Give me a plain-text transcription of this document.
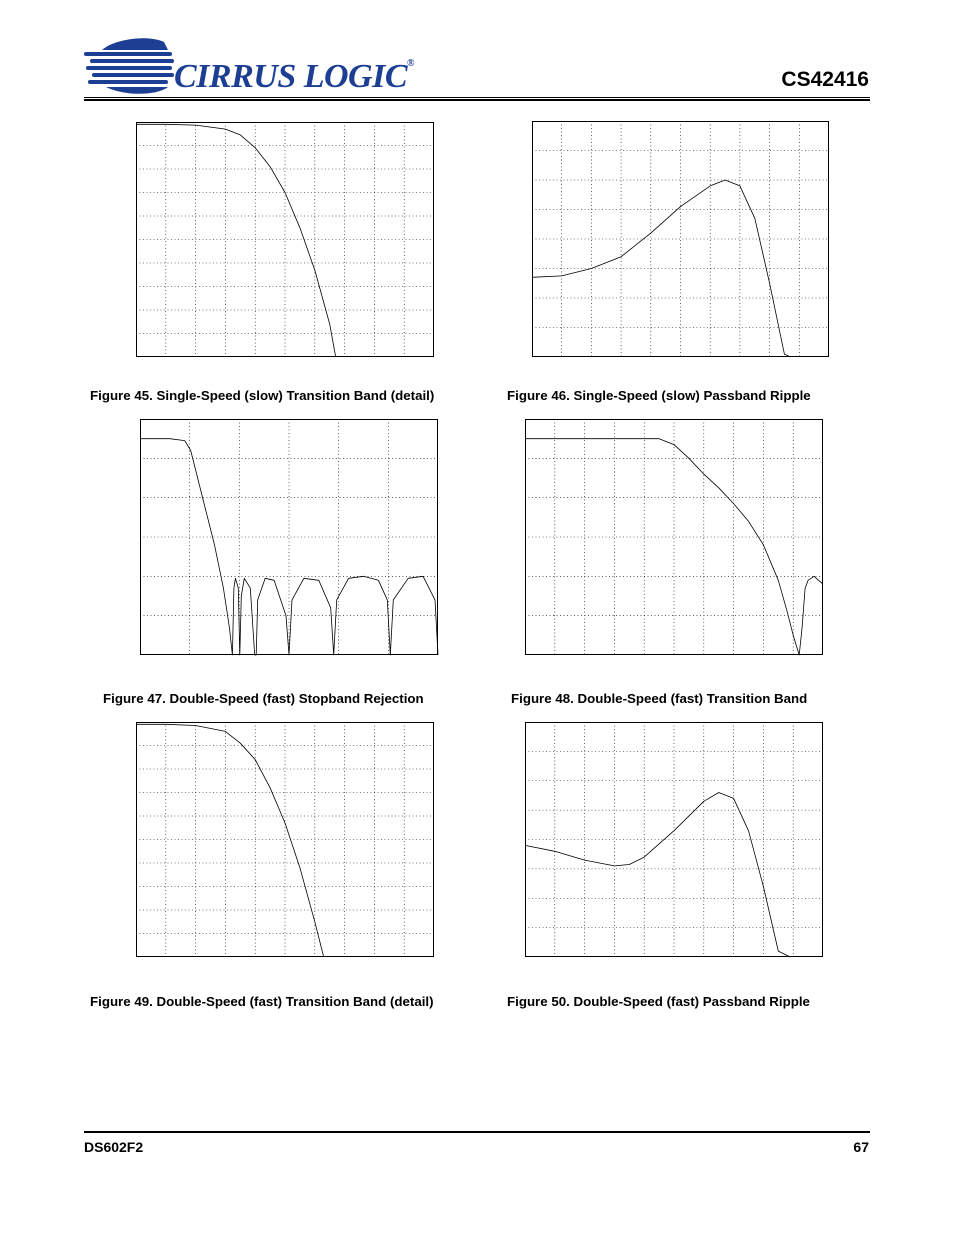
CIRRUS LOGIC®
CS42416
Figure 45. Single-Speed (slow) Transition Band (detail)	Figure 46. Single-Speed (slow) Passband Ripple
Figure 47. Double-Speed (fast) Stopband Rejection	Figure 48. Double-Speed (fast) Transition Band
Figure 49. Double-Speed (fast) Transition Band (detail)	Figure 50. Double-Speed (fast) Passband Ripple
DS602F2	67
